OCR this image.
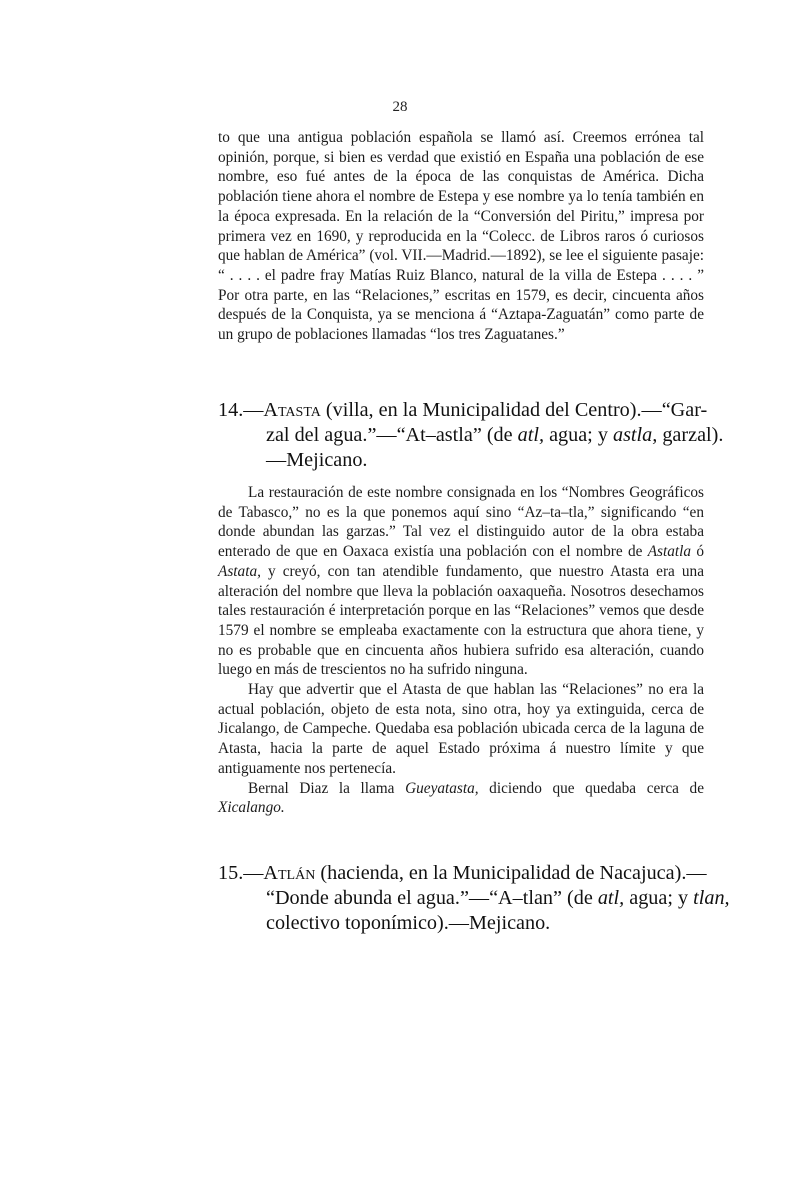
28
to que una antigua población española se llamó así. Creemos errónea tal opinión, porque, si bien es verdad que existió en España una población de ese nombre, eso fué antes de la época de las conquistas de América. Dicha población tiene ahora el nombre de Estepa y ese nombre ya lo tenía también en la época expresada. En la relación de la “Conversión del Piritu,” impresa por primera vez en 1690, y reproducida en la “Colecc. de Libros raros ó curiosos que hablan de América” (vol. VII.—Madrid.—1892), se lee el siguiente pasaje: “ . . . . el padre fray Matías Ruiz Blanco, natural de la villa de Estepa . . . . ” Por otra parte, en las “Relaciones,” escritas en 1579, es decir, cincuenta años después de la Conquista, ya se menciona á “Aztapa-Zaguatán” como parte de un grupo de poblaciones llamadas “los tres Zaguatanes.”
14.—Atasta (villa, en la Municipalidad del Centro).—“Gar-
zal del agua.”—“At–astla” (de atl, agua; y astla, garzal).
—Mejicano.

La restauración de este nombre consignada en los “Nombres Geográficos de Tabasco,” no es la que ponemos aquí sino “Az–ta–tla,” significando “en donde abundan las garzas.” Tal vez el distinguido autor de la obra estaba enterado de que en Oaxaca existía una población con el nombre de Astatla ó Astata, y creyó, con tan atendible fundamento, que nuestro Atasta era una alteración del nombre que lleva la población oaxaqueña. Nosotros desechamos tales restauración é interpretación porque en las “Relaciones” vemos que desde 1579 el nombre se empleaba exactamente con la estructura que ahora tiene, y no es probable que en cincuenta años hubiera sufrido esa alteración, cuando luego en más de trescientos no ha sufrido ninguna.

Hay que advertir que el Atasta de que hablan las “Relaciones” no era la actual población, objeto de esta nota, sino otra, hoy ya extinguida, cerca de Jicalango, de Campeche. Quedaba esa población ubicada cerca de la laguna de Atasta, hacia la parte de aquel Estado próxima á nuestro límite y que antiguamente nos pertenecía.

Bernal Diaz la llama Gueyatasta, diciendo que quedaba cerca de Xicalango.

15.—Atlán (hacienda, en la Municipalidad de Nacajuca).—
“Donde abunda el agua.”—“A–tlan” (de atl, agua; y tlan,
colectivo toponímico).—Mejicano.
